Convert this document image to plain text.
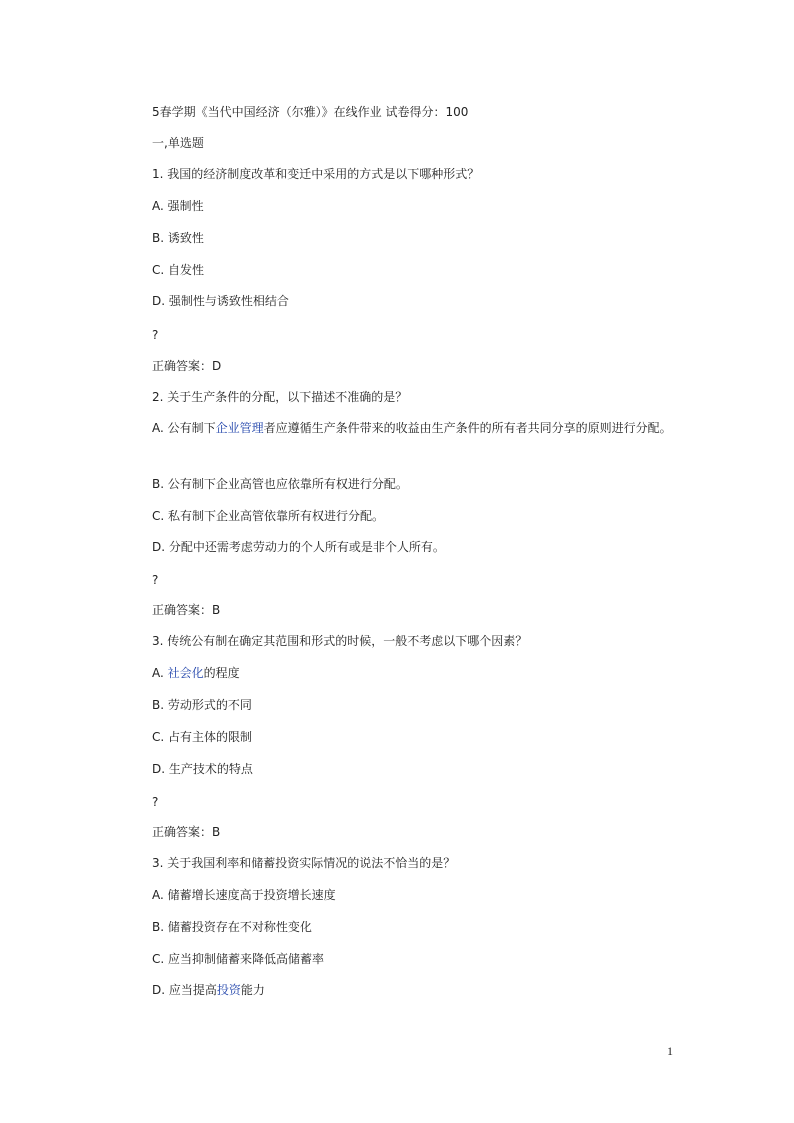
5春学期《当代中国经济（尔雅）》在线作业 试卷得分：100
一,单选题
1. 我国的经济制度改革和变迁中采用的方式是以下哪种形式？
A. 强制性
B. 诱致性
C. 自发性
D. 强制性与诱致性相结合
?
正确答案：D
2. 关于生产条件的分配，以下描述不准确的是？
A. 公有制下企业管理者应遵循生产条件带来的收益由生产条件的所有者共同分享的原则进行分配。
B. 公有制下企业高管也应依靠所有权进行分配。
C. 私有制下企业高管依靠所有权进行分配。
D. 分配中还需考虑劳动力的个人所有或是非个人所有。
?
正确答案：B
3. 传统公有制在确定其范围和形式的时候，一般不考虑以下哪个因素？
A. 社会化的程度
B. 劳动形式的不同
C. 占有主体的限制
D. 生产技术的特点
?
正确答案：B
3. 关于我国利率和储蓄投资实际情况的说法不恰当的是？
A. 储蓄增长速度高于投资增长速度
B. 储蓄投资存在不对称性变化
C. 应当抑制储蓄来降低高储蓄率
D. 应当提高投资能力
1
